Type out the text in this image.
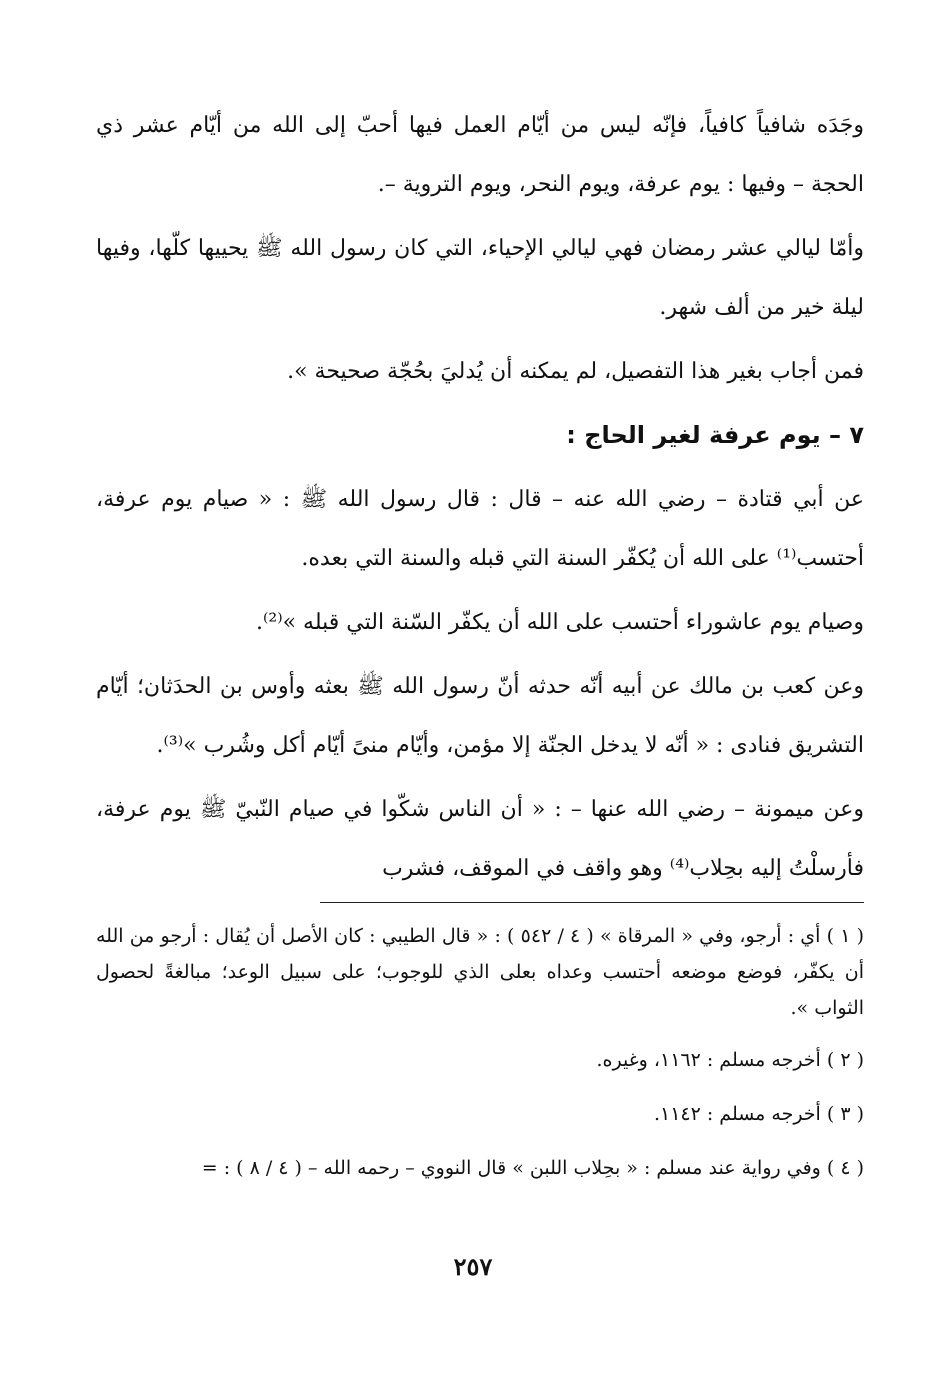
وجَدَه شافياً كافياً، فإنّه ليس من أيّام العمل فيها أحبّ إلى الله من أيّام عشر ذي الحجة – وفيها : يوم عرفة، ويوم النحر، ويوم التروية –.

وأمّا ليالي عشر رمضان فهي ليالي الإحياء، التي كان رسول الله ﷺ يحييها كلّها، وفيها ليلة خير من ألف شهر.

فمن أجاب بغير هذا التفصيل، لم يمكنه أن يُدليَ بحُجّة صحيحة ».

٧ – يوم عرفة لغير الحاج :

عن أبي قتادة – رضي الله عنه – قال : قال رسول الله ﷺ : « صيام يوم عرفة، أحتسب⁽¹⁾ على الله أن يُكفّر السنة التي قبله والسنة التي بعده.

وصيام يوم عاشوراء أحتسب على الله أن يكفّر السّنة التي قبله »⁽²⁾.

وعن كعب بن مالك عن أبيه أنّه حدثه أنّ رسول الله ﷺ بعثه وأوس بن الحدَثان؛ أيّام التشريق فنادى : « أنّه لا يدخل الجنّة إلا مؤمن، وأيّام منىً أيّام أكل وشُرب »⁽³⁾.

وعن ميمونة – رضي الله عنها – : « أن الناس شكّوا في صيام النّبيّ ﷺ يوم عرفة، فأرسلْتُ إليه بحِلاب⁽⁴⁾ وهو واقف في الموقف، فشرب

( ١ ) أي : أرجو، وفي « المرقاة » ( ٤ / ٥٤٢ ) : « قال الطيبي : كان الأصل أن يُقال : أرجو من الله أن يكفّر، فوضع موضعه أحتسب وعداه بعلى الذي للوجوب؛ على سبيل الوعد؛ مبالغةً لحصول الثواب ».

( ٢ ) أخرجه مسلم : ١١٦٢، وغيره.

( ٣ ) أخرجه مسلم : ١١٤٢.

( ٤ ) وفي رواية عند مسلم : « بحِلاب اللبن » قال النووي – رحمه الله – ( ٤ / ٨ ) : =

٢٥٧
